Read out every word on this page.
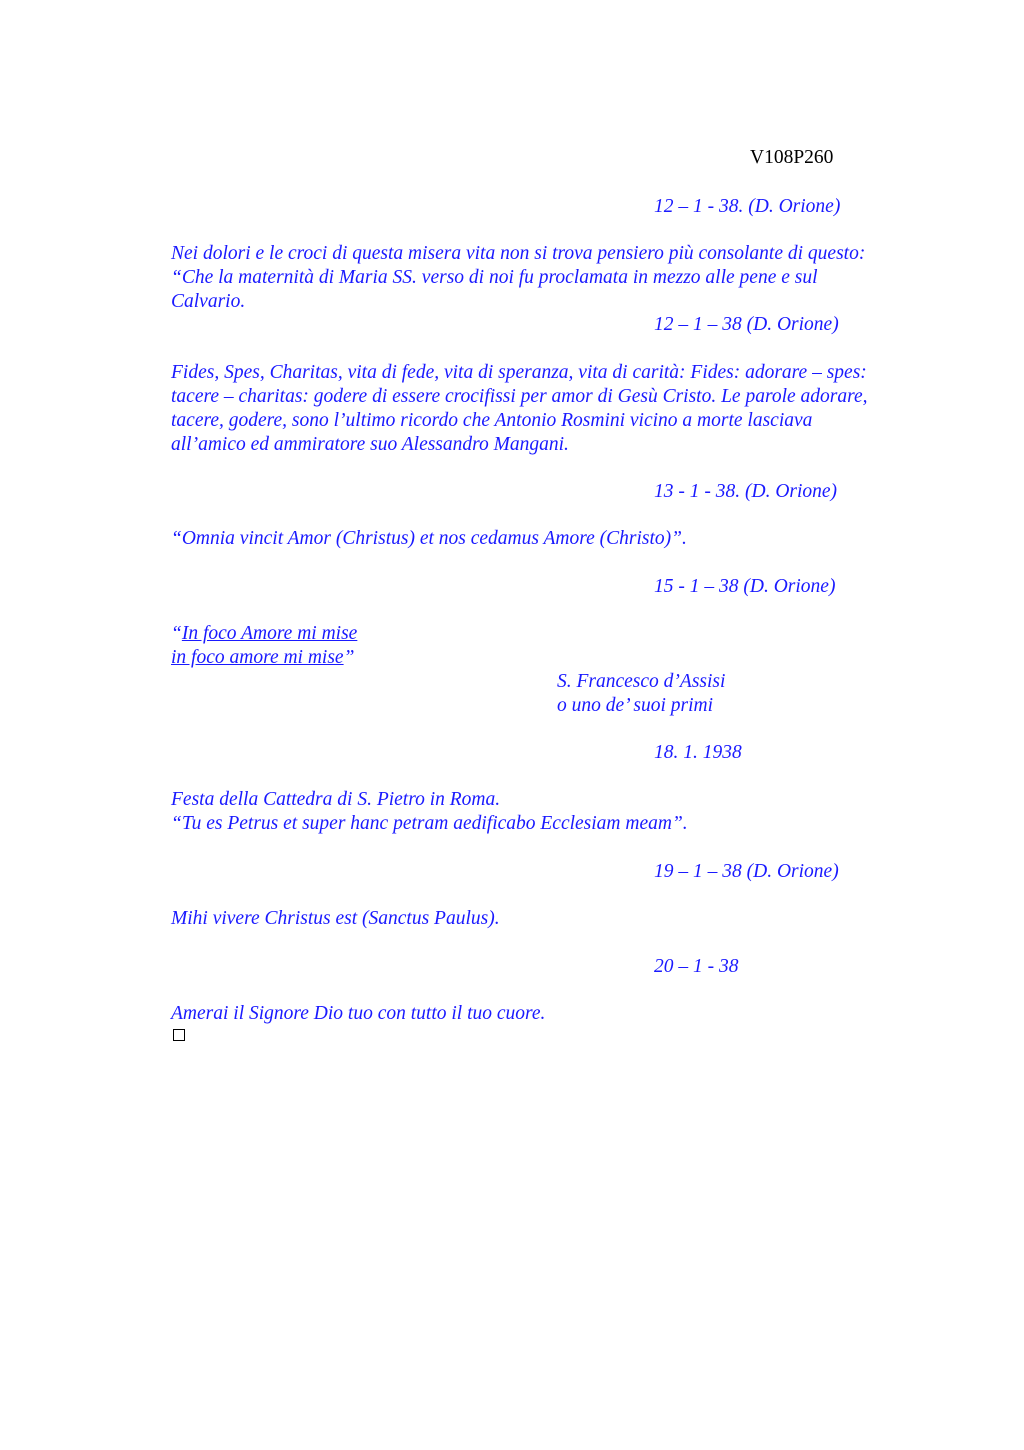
V108P260
12 – 1 - 38. (D. Orione)
Nei dolori e le croci di questa misera vita non si trova pensiero più consolante di questo:
“Che la maternità di Maria SS. verso di noi fu proclamata in mezzo alle pene e sul
Calvario.
12 – 1 – 38 (D. Orione)
Fides, Spes, Charitas, vita di fede, vita di speranza, vita di carità: Fides: adorare – spes:
tacere – charitas: godere di essere crocifissi per amor di Gesù Cristo. Le parole adorare,
tacere, godere, sono l’ultimo ricordo che Antonio Rosmini vicino a morte lasciava
all’amico ed ammiratore suo Alessandro Mangani.
13 - 1 - 38. (D. Orione)
“Omnia vincit Amor (Christus) et nos cedamus Amore (Christo)”.
15 - 1 – 38 (D. Orione)
“In foco Amore mi mise
in foco amore mi mise”
S. Francesco d’Assisi
o uno de’ suoi primi
18. 1. 1938
Festa della Cattedra di S. Pietro in Roma.
“Tu es Petrus et super hanc petram aedificabo Ecclesiam meam”.
19 – 1 – 38 (D. Orione)
Mihi vivere Christus est (Sanctus Paulus).
20 – 1 - 38
Amerai il Signore Dio tuo con tutto il tuo cuore.
